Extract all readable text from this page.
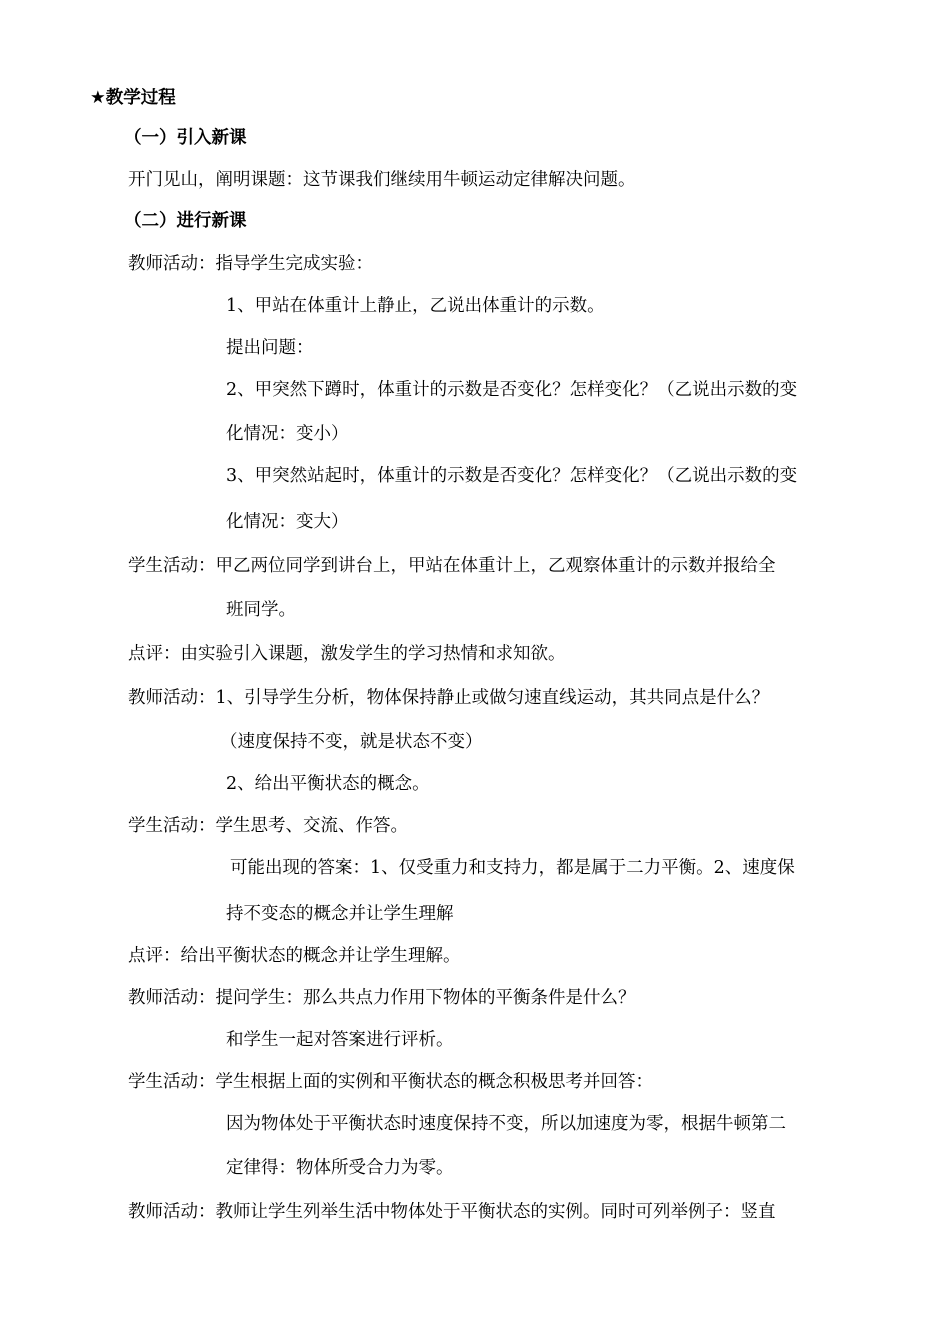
★教学过程
（一）引入新课
开门见山，阐明课题：这节课我们继续用牛顿运动定律解决问题。
（二）进行新课
教师活动：指导学生完成实验：
1、甲站在体重计上静止，乙说出体重计的示数。
提出问题：
2、甲突然下蹲时，体重计的示数是否变化？怎样变化？（乙说出示数的变
化情况：变小）
3、甲突然站起时，体重计的示数是否变化？怎样变化？（乙说出示数的变
化情况：变大）
学生活动：甲乙两位同学到讲台上，甲站在体重计上，乙观察体重计的示数并报给全
班同学。
点评：由实验引入课题，激发学生的学习热情和求知欲。
教师活动：1、引导学生分析，物体保持静止或做匀速直线运动，其共同点是什么？
（速度保持不变，就是状态不变）
2、给出平衡状态的概念。
学生活动：学生思考、交流、作答。
可能出现的答案：1、仅受重力和支持力，都是属于二力平衡。2、速度保
持不变态的概念并让学生理解
点评：给出平衡状态的概念并让学生理解。
教师活动：提问学生：那么共点力作用下物体的平衡条件是什么？
和学生一起对答案进行评析。
学生活动：学生根据上面的实例和平衡状态的概念积极思考并回答：
因为物体处于平衡状态时速度保持不变，所以加速度为零，根据牛顿第二
定律得：物体所受合力为零。
教师活动：教师让学生列举生活中物体处于平衡状态的实例。同时可列举例子：竖直
